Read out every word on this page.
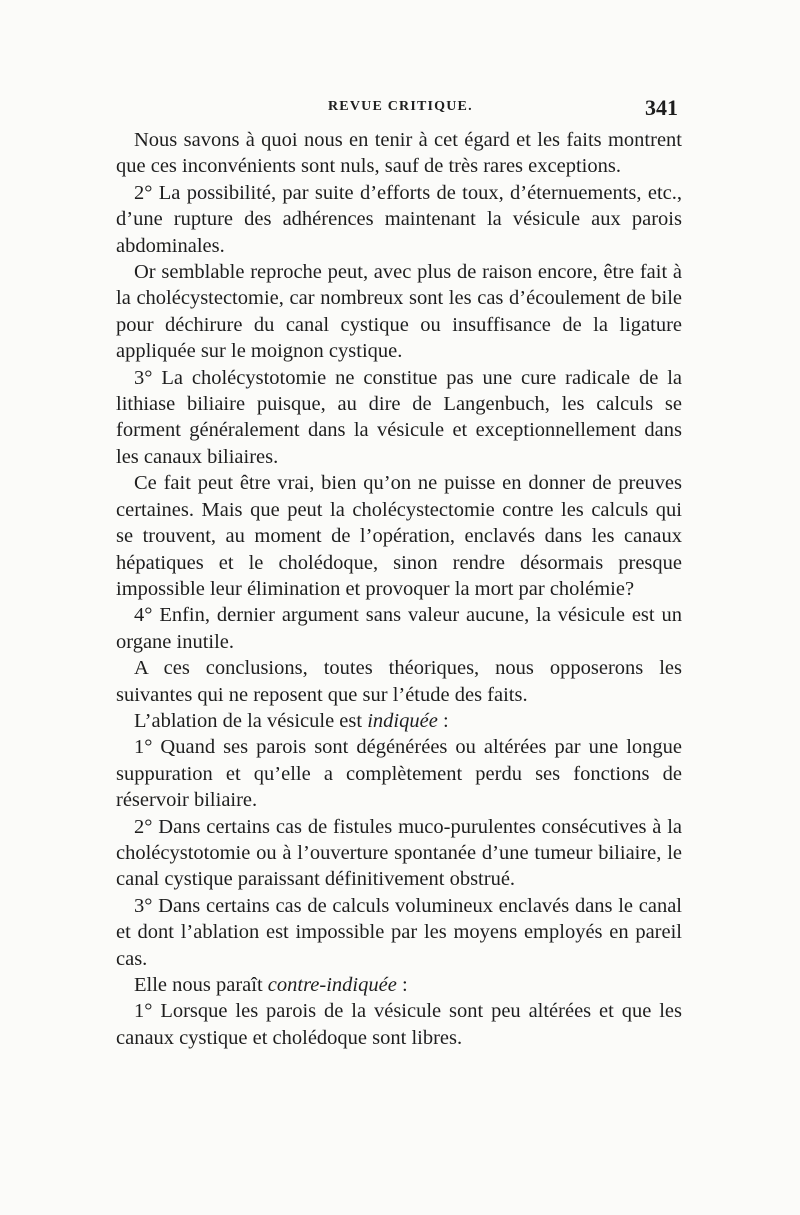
REVUE CRITIQUE.	341

Nous savons à quoi nous en tenir à cet égard et les faits montrent que ces inconvénients sont nuls, sauf de très rares exceptions.

2° La possibilité, par suite d’efforts de toux, d’éternuements, etc., d’une rupture des adhérences maintenant la vésicule aux parois abdominales.

Or semblable reproche peut, avec plus de raison encore, être fait à la cholécystectomie, car nombreux sont les cas d’écoulement de bile pour déchirure du canal cystique ou insuffisance de la ligature appliquée sur le moignon cystique.

3° La cholécystotomie ne constitue pas une cure radicale de la lithiase biliaire puisque, au dire de Langenbuch, les calculs se forment généralement dans la vésicule et exceptionnellement dans les canaux biliaires.

Ce fait peut être vrai, bien qu’on ne puisse en donner de preuves certaines. Mais que peut la cholécystectomie contre les calculs qui se trouvent, au moment de l’opération, enclavés dans les canaux hépatiques et le cholédoque, sinon rendre désormais presque impossible leur élimination et provoquer la mort par cholémie?

4° Enfin, dernier argument sans valeur aucune, la vésicule est un organe inutile.

A ces conclusions, toutes théoriques, nous opposerons les suivantes qui ne reposent que sur l’étude des faits.

L’ablation de la vésicule est indiquée :

1° Quand ses parois sont dégénérées ou altérées par une longue suppuration et qu’elle a complètement perdu ses fonctions de réservoir biliaire.

2° Dans certains cas de fistules muco-purulentes consécutives à la cholécystotomie ou à l’ouverture spontanée d’une tumeur biliaire, le canal cystique paraissant définitivement obstrué.

3° Dans certains cas de calculs volumineux enclavés dans le canal et dont l’ablation est impossible par les moyens employés en pareil cas.

Elle nous paraît contre-indiquée :

1° Lorsque les parois de la vésicule sont peu altérées et que les canaux cystique et cholédoque sont libres.
